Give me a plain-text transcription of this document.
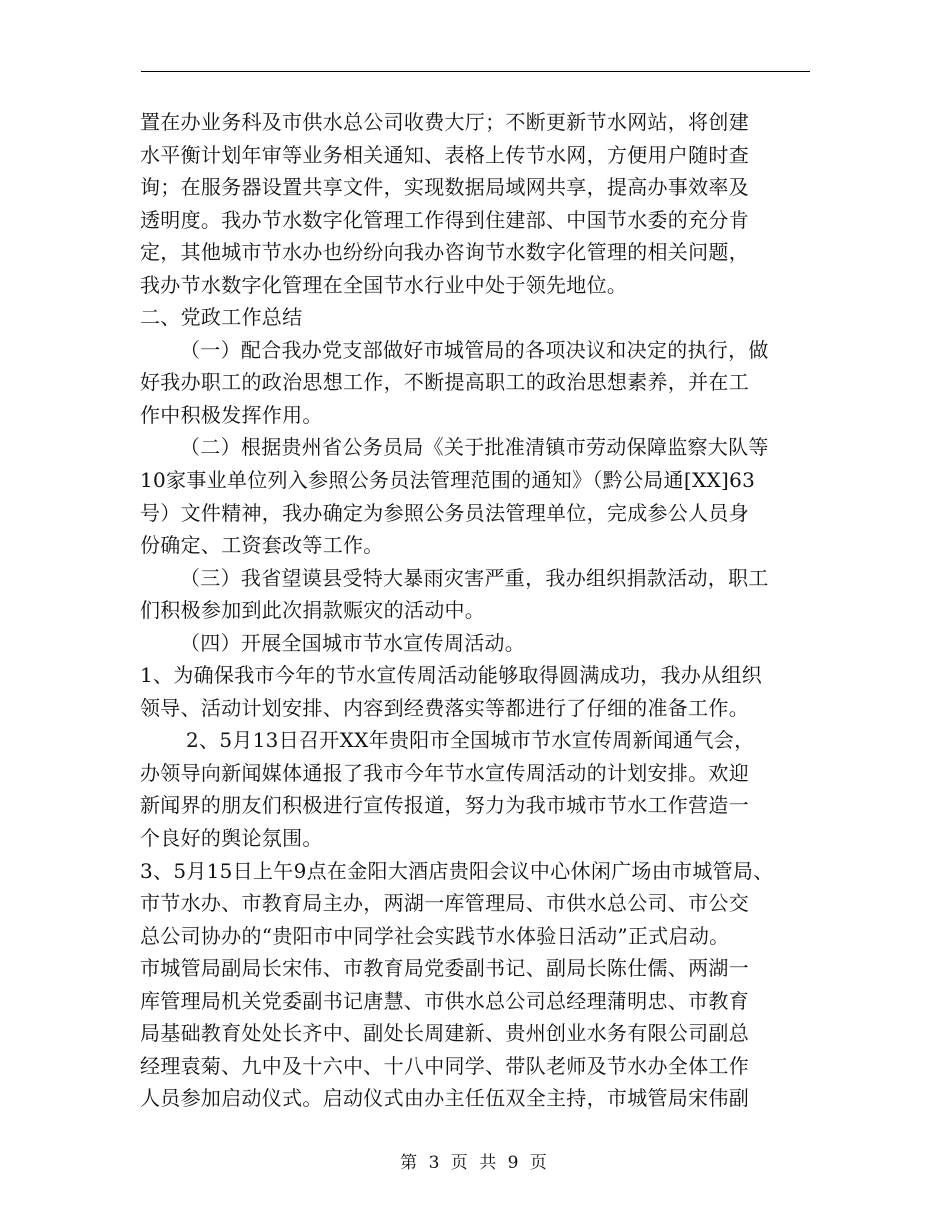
置在办业务科及市供水总公司收费大厅；不断更新节水网站，将创建
水平衡计划年审等业务相关通知、表格上传节水网，方便用户随时查
询；在服务器设置共享文件，实现数据局域网共享，提高办事效率及
透明度。我办节水数字化管理工作得到住建部、中国节水委的充分肯
定，其他城市节水办也纷纷向我办咨询节水数字化管理的相关问题，
我办节水数字化管理在全国节水行业中处于领先地位。
二、党政工作总结
（一）配合我办党支部做好市城管局的各项决议和决定的执行，做
好我办职工的政治思想工作，不断提高职工的政治思想素养，并在工
作中积极发挥作用。
（二）根据贵州省公务员局《关于批准清镇市劳动保障监察大队等
10家事业单位列入参照公务员法管理范围的通知》（黔公局通[XX]63
号）文件精神，我办确定为参照公务员法管理单位，完成参公人员身
份确定、工资套改等工作。
（三）我省望谟县受特大暴雨灾害严重，我办组织捐款活动，职工
们积极参加到此次捐款赈灾的活动中。
（四）开展全国城市节水宣传周活动。
1、为确保我市今年的节水宣传周活动能够取得圆满成功，我办从组织
领导、活动计划安排、内容到经费落实等都进行了仔细的准备工作。
2、5月13日召开XX年贵阳市全国城市节水宣传周新闻通气会，
办领导向新闻媒体通报了我市今年节水宣传周活动的计划安排。欢迎
新闻界的朋友们积极进行宣传报道，努力为我市城市节水工作营造一
个良好的舆论氛围。
3、5月15日上午9点在金阳大酒店贵阳会议中心休闲广场由市城管局、
市节水办、市教育局主办，两湖一库管理局、市供水总公司、市公交
总公司协办的“贵阳市中同学社会实践节水体验日活动”正式启动。
市城管局副局长宋伟、市教育局党委副书记、副局长陈仕儒、两湖一
库管理局机关党委副书记唐慧、市供水总公司总经理蒲明忠、市教育
局基础教育处处长齐中、副处长周建新、贵州创业水务有限公司副总
经理袁菊、九中及十六中、十八中同学、带队老师及节水办全体工作
人员参加启动仪式。启动仪式由办主任伍双全主持，市城管局宋伟副
第 3 页 共 9 页
